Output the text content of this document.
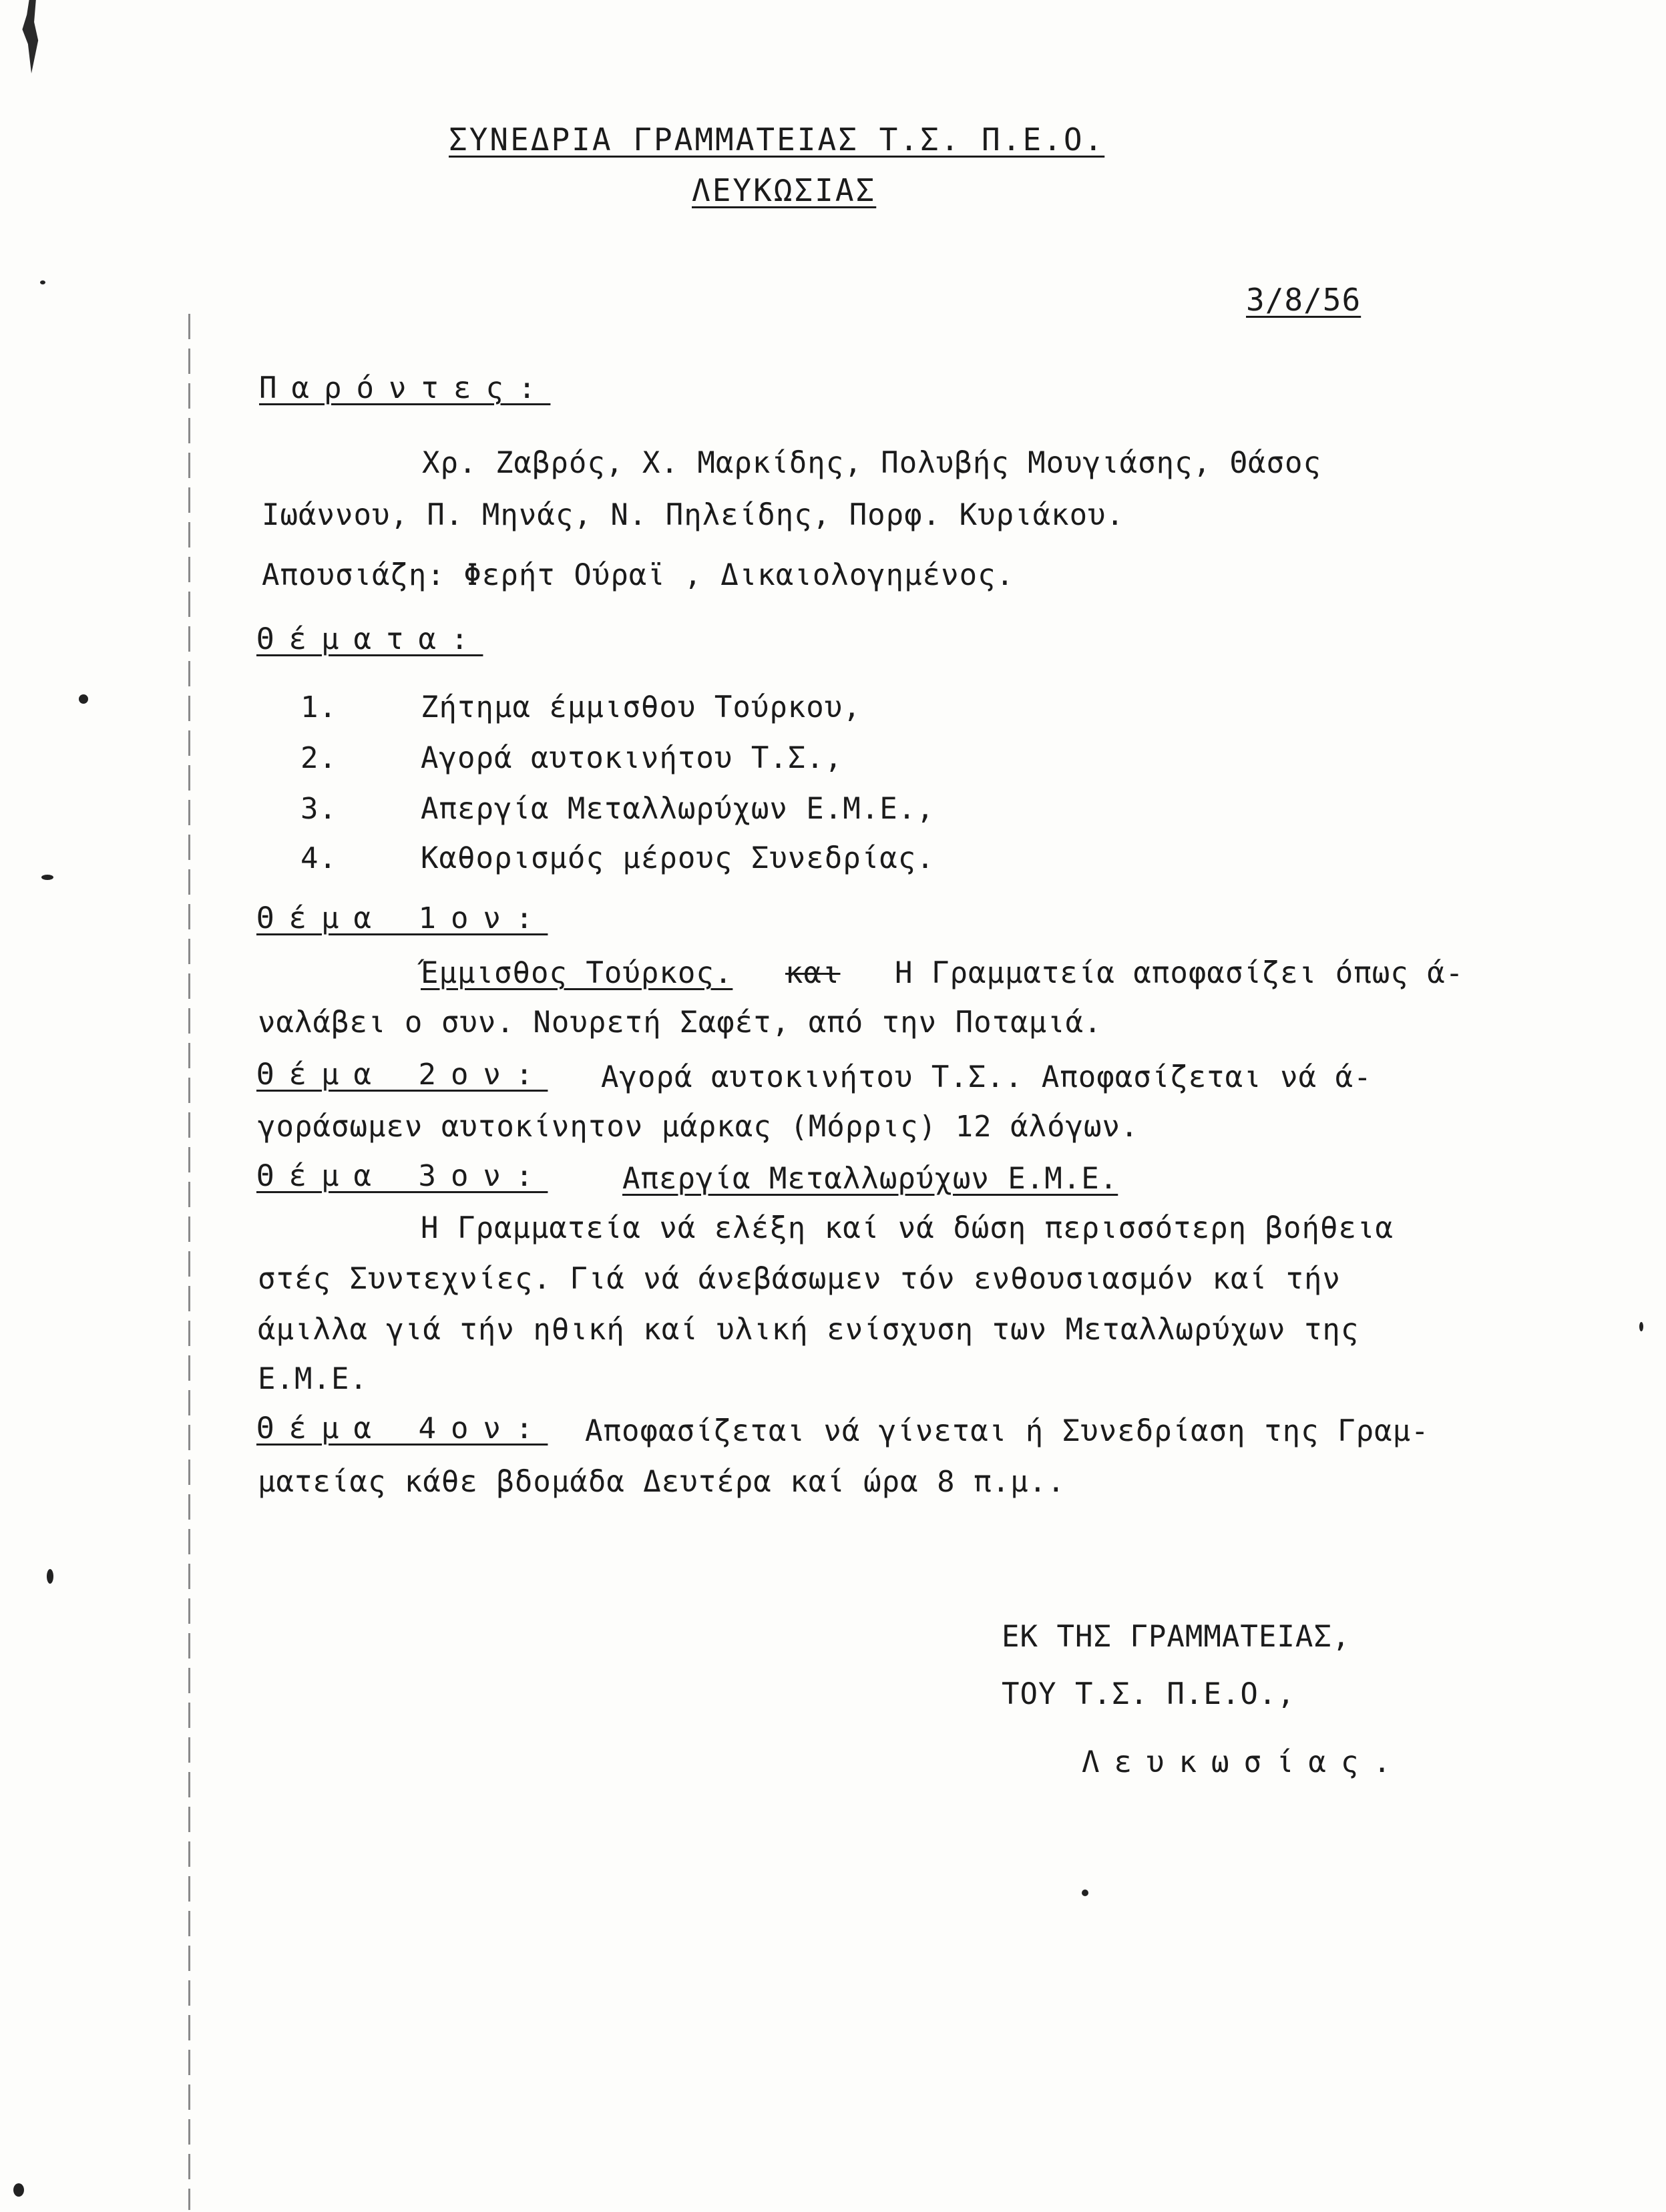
ΣΥΝΕΔΡΙΑ ΓΡΑΜΜΑΤΕΙΑΣ Τ.Σ. Π.Ε.Ο.
ΛΕΥΚΩΣΙΑΣ
3/8/56
Παρόντες:
Χρ. Ζαβρός, Χ. Μαρκίδης, Πολυβής Μουγιάσης, Θάσος
Ιωάννου, Π. Μηνάς, Ν. Πηλείδης, Πορφ. Κυριάκου.
Απουσιάζη: Φερήτ Ούραϊ , Δικαιολογημένος.
Θέματα:
1.	Ζήτημα έμμισθου Τούρκου,
2.	Αγορά αυτοκινήτου Τ.Σ.,
3.	Απεργία Μεταλλωρύχων Ε.Μ.Ε.,
4.	Καθορισμός μέρους Συνεδρίας.
Θέμα 1ον:
Έμμισθος Τούρκος. και Η Γραμματεία αποφασίζει όπως ά-
ναλάβει ο συν. Νουρετή Σαφέτ, από την Ποταμιά.
Θέμα 2ον: Αγορά αυτοκινήτου Τ.Σ.. Αποφασίζεται νά ά-
γοράσωμεν αυτοκίνητον μάρκας (Μόρρις) 12 άλόγων.
Θέμα 3ον:	Απεργία Μεταλλωρύχων Ε.Μ.Ε.
Η Γραμματεία νά ελέξη καί νά δώση περισσότερη βοήθεια
στές Συντεχνίες. Γιά νά άνεβάσωμεν τόν ενθουσιασμόν καί τήν
άμιλλα γιά τήν ηθική καί υλική ενίσχυση των Μεταλλωρύχων της
Ε.Μ.Ε.
Θέμα 4ον: Αποφασίζεται νά γίνεται ή Συνεδρίαση της Γραμ-
ματείας κάθε βδομάδα Δευτέρα καί ώρα 8 π.μ..
ΕΚ ΤΗΣ ΓΡΑΜΜΑΤΕΙΑΣ,
ΤΟΥ Τ.Σ. Π.Ε.Ο.,
Λευκωσίας.
